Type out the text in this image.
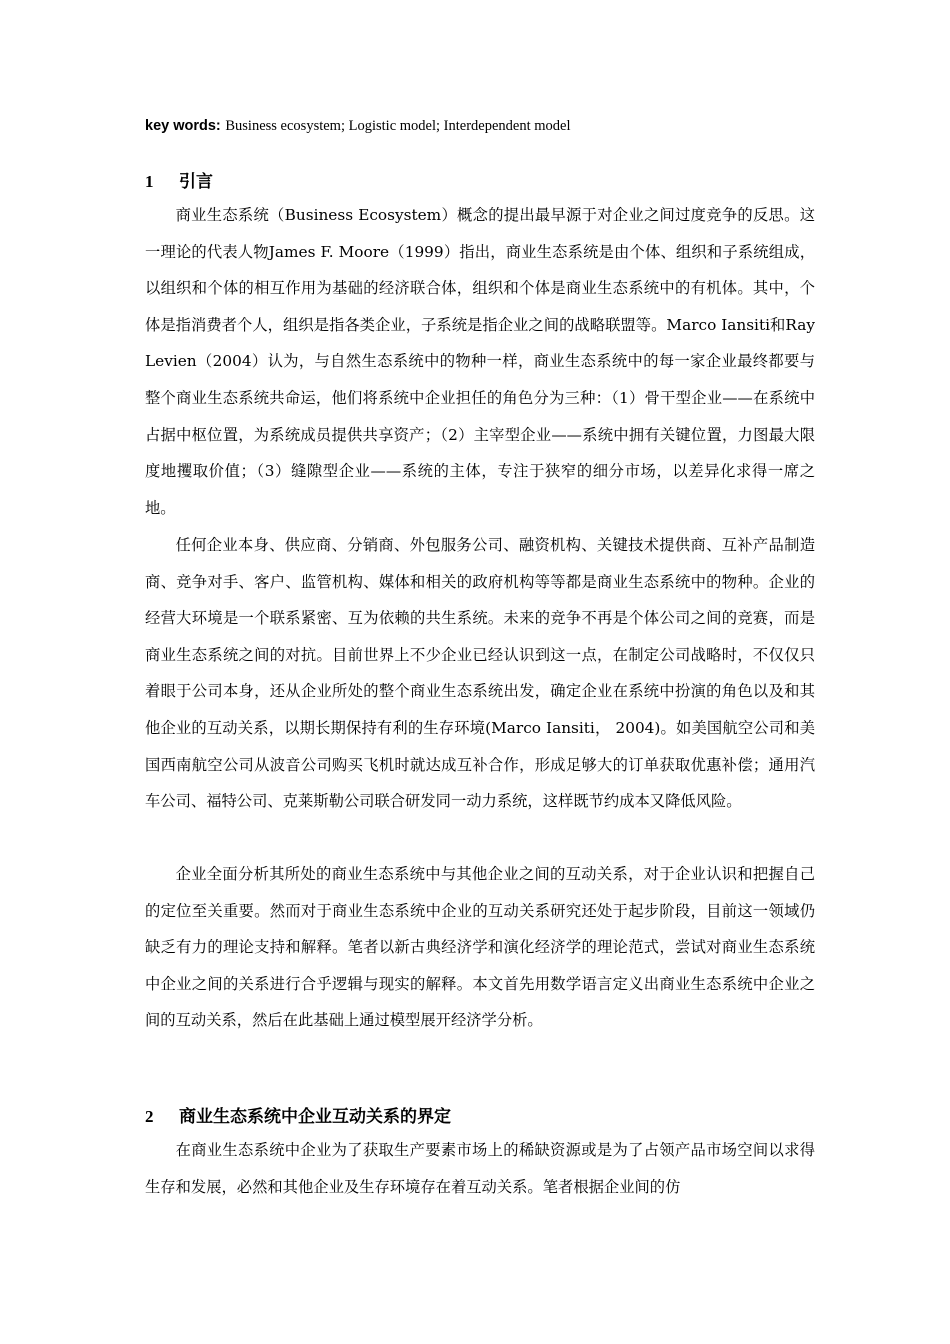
key words: Business ecosystem; Logistic model; Interdependent model
1 引言

商业生态系统（Business Ecosystem）概念的提出最早源于对企业之间过度竞争的反思。这一理论的代表人物James F. Moore（1999）指出，商业生态系统是由个体、组织和子系统组成，以组织和个体的相互作用为基础的经济联合体，组织和个体是商业生态系统中的有机体。其中，个体是指消费者个人，组织是指各类企业，子系统是指企业之间的战略联盟等。Marco Iansiti和Ray Levien（2004）认为，与自然生态系统中的物种一样，商业生态系统中的每一家企业最终都要与整个商业生态系统共命运，他们将系统中企业担任的角色分为三种：（1）骨干型企业——在系统中占据中枢位置，为系统成员提供共享资产；（2）主宰型企业——系统中拥有关键位置，力图最大限度地攫取价值；（3）缝隙型企业——系统的主体，专注于狭窄的细分市场，以差异化求得一席之地。

任何企业本身、供应商、分销商、外包服务公司、融资机构、关键技术提供商、互补产品制造商、竞争对手、客户、监管机构、媒体和相关的政府机构等等都是商业生态系统中的物种。企业的经营大环境是一个联系紧密、互为依赖的共生系统。未来的竞争不再是个体公司之间的竞赛，而是商业生态系统之间的对抗。目前世界上不少企业已经认识到这一点，在制定公司战略时，不仅仅只着眼于公司本身，还从企业所处的整个商业生态系统出发，确定企业在系统中扮演的角色以及和其他企业的互动关系，以期长期保持有利的生存环境(Marco Iansiti， 2004)。如美国航空公司和美国西南航空公司从波音公司购买飞机时就达成互补合作，形成足够大的订单获取优惠补偿；通用汽车公司、福特公司、克莱斯勒公司联合研发同一动力系统，这样既节约成本又降低风险。

企业全面分析其所处的商业生态系统中与其他企业之间的互动关系，对于企业认识和把握自己的定位至关重要。然而对于商业生态系统中企业的互动关系研究还处于起步阶段，目前这一领域仍缺乏有力的理论支持和解释。笔者以新古典经济学和演化经济学的理论范式，尝试对商业生态系统中企业之间的关系进行合乎逻辑与现实的解释。本文首先用数学语言定义出商业生态系统中企业之间的互动关系，然后在此基础上通过模型展开经济学分析。

2 商业生态系统中企业互动关系的界定

在商业生态系统中企业为了获取生产要素市场上的稀缺资源或是为了占领产品市场空间以求得生存和发展，必然和其他企业及生存环境存在着互动关系。笔者根据企业间的仿
